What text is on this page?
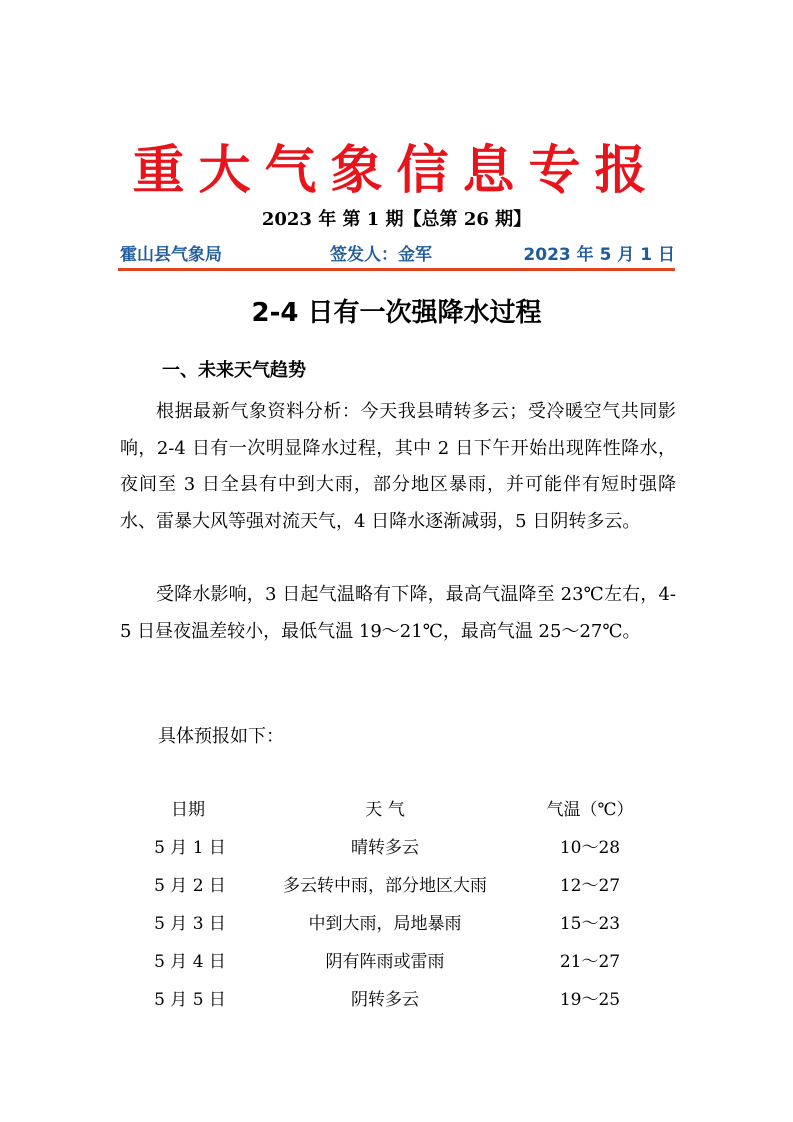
重大气象信息专报
2023 年 第 1 期【总第 26 期】
霍山县气象局	签发人：金军	2023 年 5 月 1 日
2-4 日有一次强降水过程
一、未来天气趋势
根据最新气象资料分析：今天我县晴转多云；受冷暖空气共同影响，2-4 日有一次明显降水过程，其中 2 日下午开始出现阵性降水，夜间至 3 日全县有中到大雨，部分地区暴雨，并可能伴有短时强降水、雷暴大风等强对流天气，4 日降水逐渐减弱，5 日阴转多云。
受降水影响，3 日起气温略有下降，最高气温降至 23℃左右，4-5 日昼夜温差较小，最低气温 19～21℃，最高气温 25～27℃。
具体预报如下：
日期	天 气	气温（℃）
5 月 1 日	晴转多云	10～28
5 月 2 日	多云转中雨，部分地区大雨	12～27
5 月 3 日	中到大雨，局地暴雨	15～23
5 月 4 日	阴有阵雨或雷雨	21～27
5 月 5 日	阴转多云	19～25
